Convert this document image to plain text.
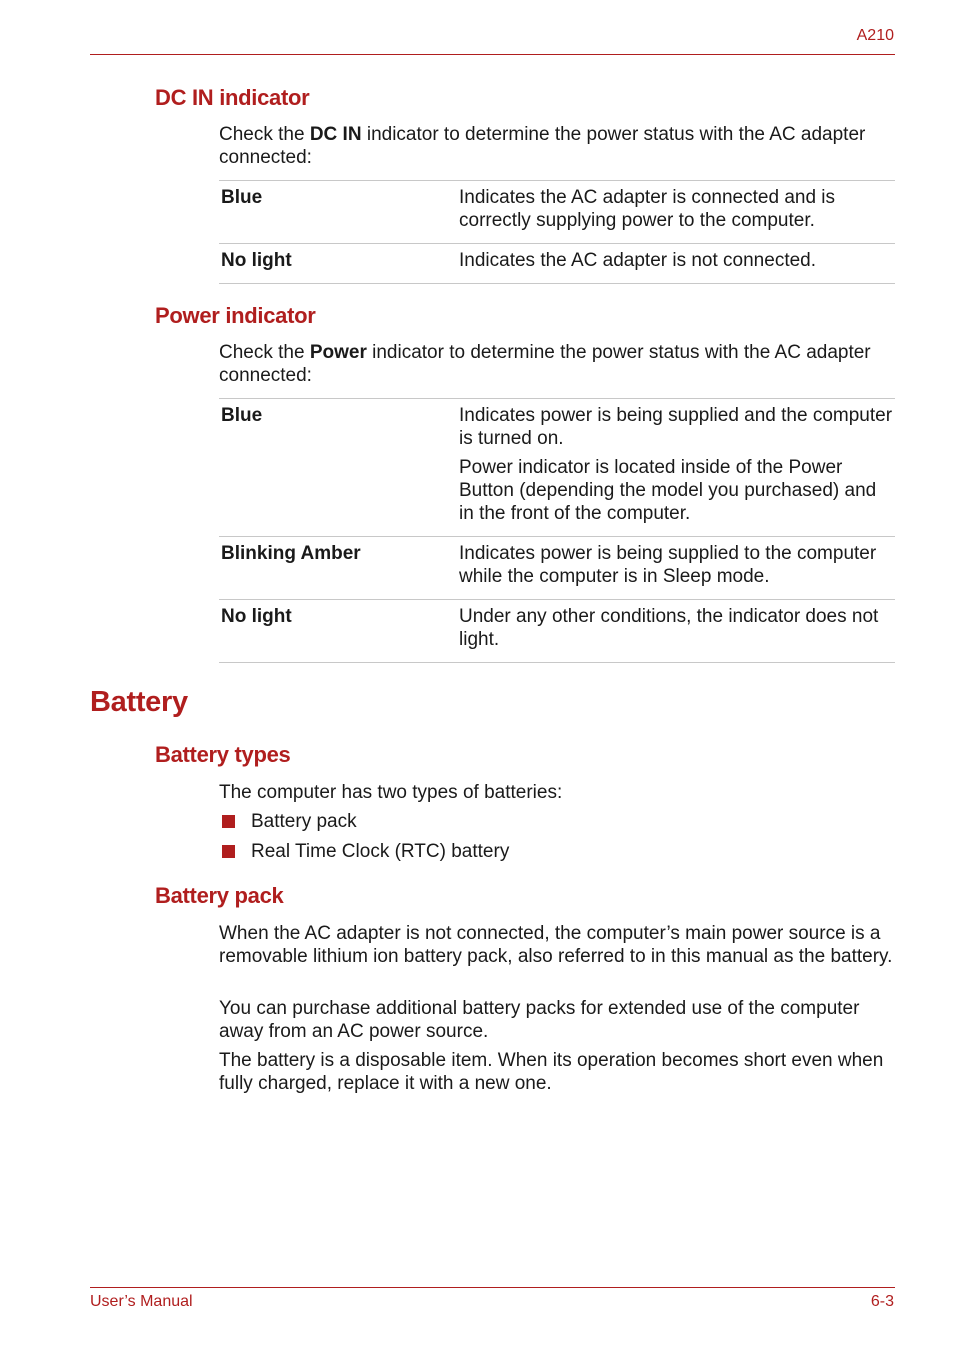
A210
DC IN indicator

Check the DC IN indicator to determine the power status with the AC adapter connected:

Blue	Indicates the AC adapter is connected and is correctly supplying power to the computer.

No light	Indicates the AC adapter is not connected.

Power indicator

Check the Power indicator to determine the power status with the AC adapter connected:

Blue	Indicates power is being supplied and the computer is turned on.

Power indicator is located inside of the Power Button (depending the model you purchased) and in the front of the computer.

Blinking Amber	Indicates power is being supplied to the computer while the computer is in Sleep mode.

No light	Under any other conditions, the indicator does not light.

Battery
Battery types

The computer has two types of batteries:

Battery pack
Real Time Clock (RTC) battery
Battery pack

When the AC adapter is not connected, the computer’s main power source is a removable lithium ion battery pack, also referred to in this manual as the battery.

You can purchase additional battery packs for extended use of the computer away from an AC power source.

The battery is a disposable item. When its operation becomes short even when fully charged, replace it with a new one.

User’s Manual	6-3
